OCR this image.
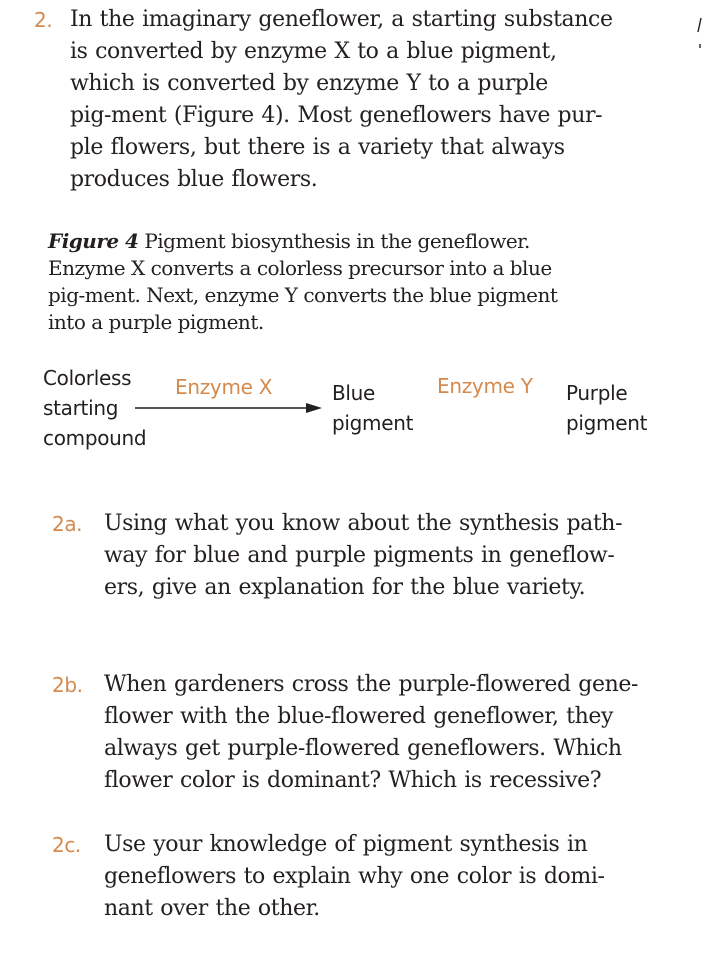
2. In the imaginary geneflower, a starting substance
is converted by enzyme X to a blue pigment,
which is converted by enzyme Y to a purple
pig-ment (Figure 4). Most geneflowers have pur-
ple flowers, but there is a variety that always
produces blue flowers.
Figure 4 Pigment biosynthesis in the geneflower.
Enzyme X converts a colorless precursor into a blue
pig-ment. Next, enzyme Y converts the blue pigment
into a purple pigment.
Colorless
starting
compound
Enzyme X	Blue
pigment
Enzyme Y Purple
pigment
2a. Using what you know about the synthesis path-
way for blue and purple pigments in geneflow-
ers, give an explanation for the blue variety.
2b. When gardeners cross the purple-flowered gene-
flower with the blue-flowered geneflower, they
always get purple-flowered geneflowers. Which
flower color is dominant? Which is recessive?
2c. Use your knowledge of pigment synthesis in
geneflowers to explain why one color is domi-
nant over the other.
